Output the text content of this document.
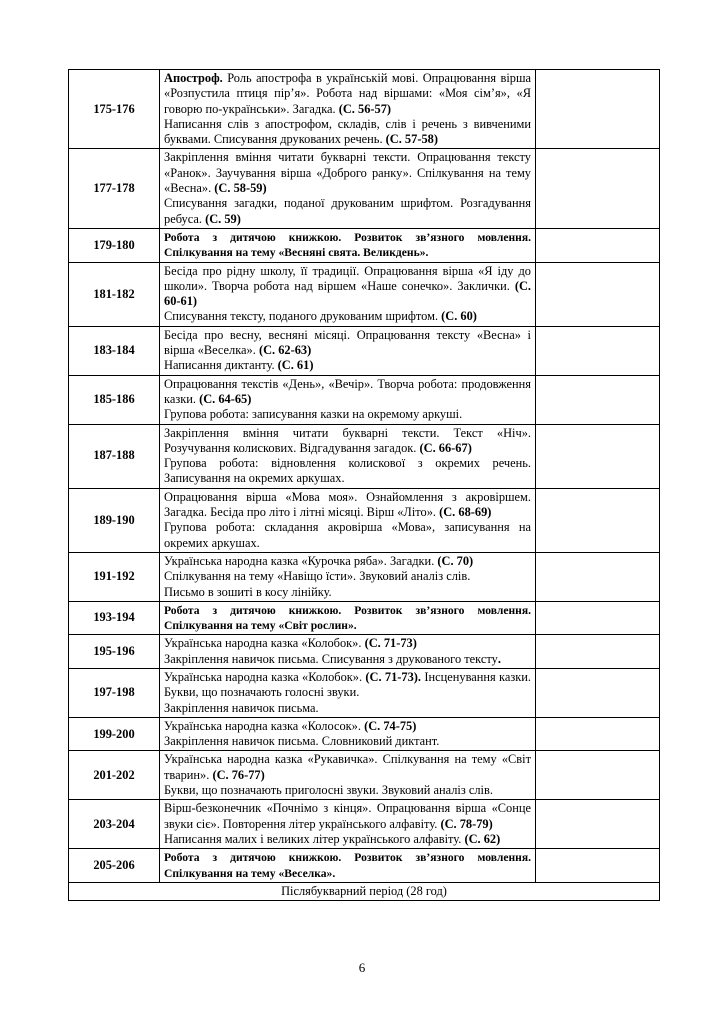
175-176	Апостроф. Роль апострофа в українській мові. Опрацювання вірша «Розпустила птиця пір’я». Робота над віршами: «Моя сім’я», «Я говорю по-українськи». Загадка. (С. 56-57)
Написання слів з апострофом, складів, слів і речень з вивченими буквами. Списування друкованих речень. (С. 57-58)	

177-178	Закріплення вміння читати букварні тексти. Опрацювання тексту «Ранок». Заучування вірша «Доброго ранку». Спілкування на тему «Весна». (С. 58-59)
Списування загадки, поданої друкованим шрифтом. Розгадування ребуса. (С. 59)	

179-180	Робота з дитячою книжкою. Розвиток зв’язного мовлення. Спілкування на тему «Весняні свята. Великдень».	

181-182	Бесіда про рідну школу, її традиції. Опрацювання вірша «Я іду до школи». Творча робота над віршем «Наше сонечко». Заклички. (С. 60-61)
Списування тексту, поданого друкованим шрифтом. (С. 60)	

183-184	Бесіда про весну, весняні місяці. Опрацювання тексту «Весна» і вірша «Веселка». (С. 62-63)
Написання диктанту. (С. 61)	

185-186	Опрацювання текстів «День», «Вечір». Творча робота: продовження казки. (С. 64-65)
Групова робота: записування казки на окремому аркуші.	

187-188	Закріплення вміння читати букварні тексти. Текст «Ніч». Розучування колискових. Відгадування загадок. (С. 66-67)
Групова робота: відновлення колискової з окремих речень. Записування на окремих аркушах.	

189-190	Опрацювання вірша «Мова моя». Ознайомлення з акровіршем. Загадка. Бесіда про літо і літні місяці. Вірш «Літо». (С. 68-69)
Групова робота: складання акровірша «Мова», записування на окремих аркушах.	

191-192	Українська народна казка «Курочка ряба». Загадки. (С. 70)
Спілкування на тему «Навіщо їсти». Звуковий аналіз слів.
Письмо в зошиті в косу лінійку.	

193-194	Робота з дитячою книжкою. Розвиток зв’язного мовлення. Спілкування на тему «Світ рослин».	

195-196	Українська народна казка «Колобок». (С. 71-73)
Закріплення навичок письма. Списування з друкованого тексту.	

197-198	Українська народна казка «Колобок». (С. 71-73). Інсценування казки. Букви, що позначають голосні звуки.
Закріплення навичок письма.	

199-200	Українська народна казка «Колосок». (С. 74-75)
Закріплення навичок письма. Словниковий диктант.	

201-202	Українська народна казка «Рукавичка». Спілкування на тему «Світ тварин». (С. 76-77)
Букви, що позначають приголосні звуки. Звуковий аналіз слів.	

203-204	Вірш-безконечник «Почнімо з кінця». Опрацювання вірша «Сонце звуки сіє». Повторення літер українського алфавіту. (С. 78-79)
Написання малих і великих літер українського алфавіту. (С. 62)	

205-206	Робота з дитячою книжкою. Розвиток зв’язного мовлення. Спілкування на тему «Веселка».	

Післябукварний період (28 год)		
6
